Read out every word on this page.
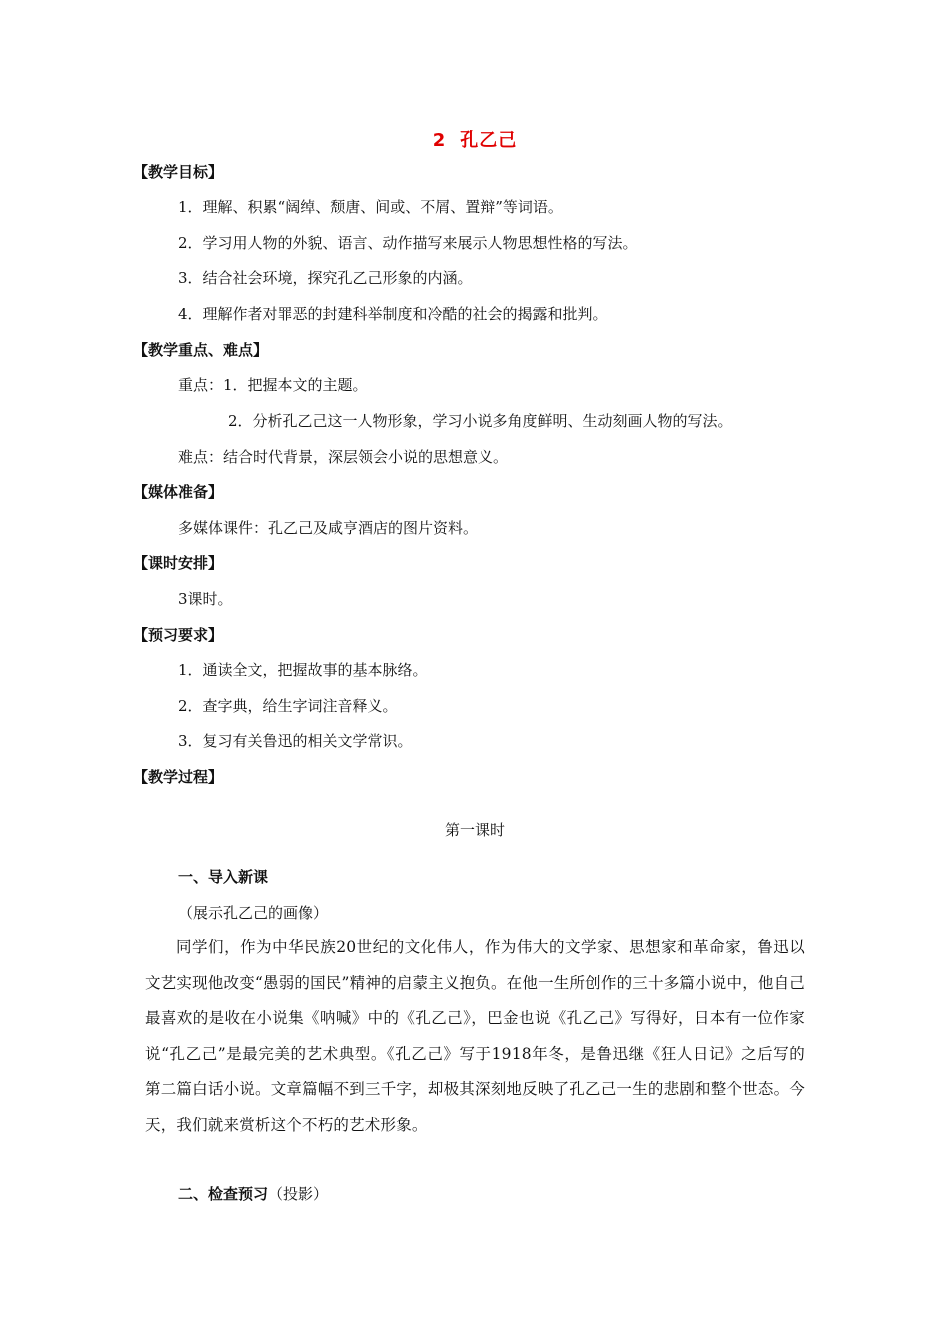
2 孔乙己
【教学目标】
1．理解、积累“阔绰、颓唐、间或、不屑、置辩”等词语。
2．学习用人物的外貌、语言、动作描写来展示人物思想性格的写法。
3．结合社会环境，探究孔乙己形象的内涵。
4．理解作者对罪恶的封建科举制度和冷酷的社会的揭露和批判。
【教学重点、难点】
重点：1．把握本文的主题。
2．分析孔乙己这一人物形象，学习小说多角度鲜明、生动刻画人物的写法。
难点：结合时代背景，深层领会小说的思想意义。
【媒体准备】
多媒体课件：孔乙己及咸亨酒店的图片资料。
【课时安排】
3课时。
【预习要求】
1．通读全文，把握故事的基本脉络。
2．查字典，给生字词注音释义。
3．复习有关鲁迅的相关文学常识。
【教学过程】
第一课时
一、导入新课
（展示孔乙己的画像）
同学们，作为中华民族20世纪的文化伟人，作为伟大的文学家、思想家和革命家，鲁迅以文艺实现他改变“愚弱的国民”精神的启蒙主义抱负。在他一生所创作的三十多篇小说中，他自己最喜欢的是收在小说集《呐喊》中的《孔乙己》，巴金也说《孔乙己》写得好，日本有一位作家说“孔乙己”是最完美的艺术典型。《孔乙己》写于1918年冬，是鲁迅继《狂人日记》之后写的第二篇白话小说。文章篇幅不到三千字，却极其深刻地反映了孔乙己一生的悲剧和整个世态。今天，我们就来赏析这个不朽的艺术形象。
二、检查预习（投影）
